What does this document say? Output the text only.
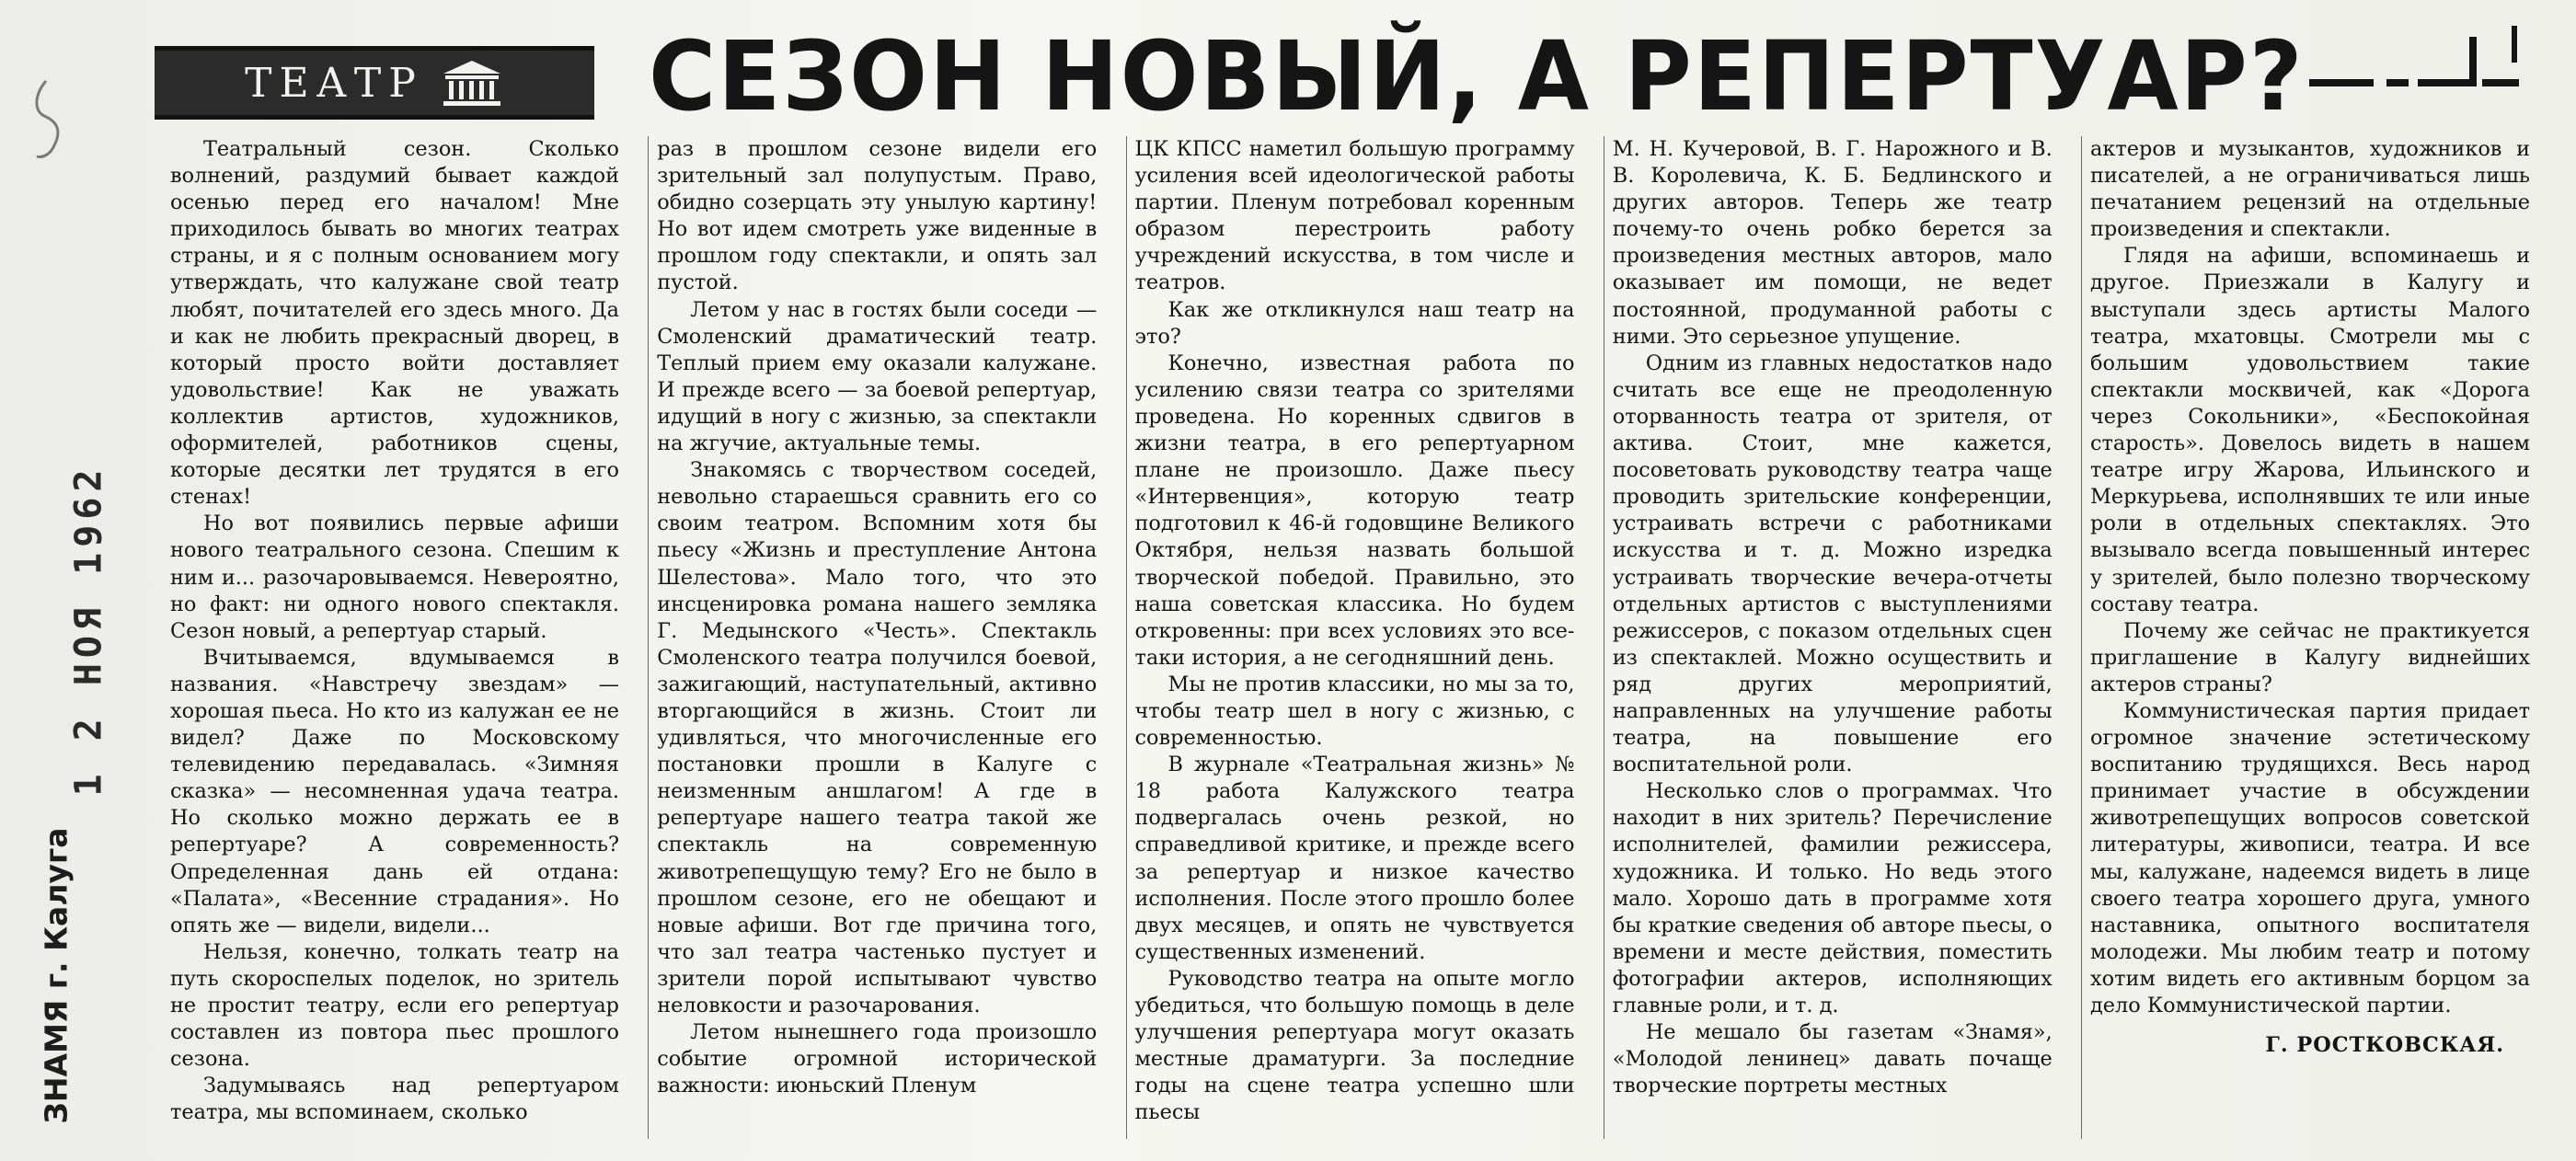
1 2 НОЯ 1962
ЗНАМЯ г. Калуга
ТЕАТР СЕЗОН НОВЫЙ, А РЕПЕРТУАР?

Театральный сезон. Сколько волнений, раздумий бывает каждой осенью перед его началом! Мне приходилось бывать во многих театрах страны, и я с полным основанием могу утверждать, что калужане свой театр любят, почитателей его здесь много. Да и как не любить прекрасный дворец, в который просто войти доставляет удовольствие! Как не уважать коллектив артистов, художников, оформителей, работников сцены, которые десятки лет трудятся в его стенах!

Но вот появились первые афиши нового театрального сезона. Спешим к ним и... разочаровываемся. Невероятно, но факт: ни одного нового спектакля. Сезон новый, а репертуар старый.

Вчитываемся, вдумываемся в названия. «Навстречу звездам» — хорошая пьеса. Но кто из калужан ее не видел? Даже по Московскому телевидению передавалась. «Зимняя сказка» — несомненная удача театра. Но сколько можно держать ее в репертуаре? А современность? Определенная дань ей отдана: «Палата», «Весенние страдания». Но опять же — видели, видели...

Нельзя, конечно, толкать театр на путь скороспелых поделок, но зритель не простит театру, если его репертуар составлен из повтора пьес прошлого сезона.

Задумываясь над репертуаром театра, мы вспоминаем, сколько

раз в прошлом сезоне видели его зрительный зал полупустым. Право, обидно созерцать эту унылую картину! Но вот идем смотреть уже виденные в прошлом году спектакли, и опять зал пустой.

Летом у нас в гостях были соседи — Смоленский драматический театр. Теплый прием ему оказали калужане. И прежде всего — за боевой репертуар, идущий в ногу с жизнью, за спектакли на жгучие, актуальные темы.

Знакомясь с творчеством соседей, невольно стараешься сравнить его со своим театром. Вспомним хотя бы пьесу «Жизнь и преступление Антона Шелестова». Мало того, что это инсценировка романа нашего земляка Г. Медынского «Честь». Спектакль Смоленского театра получился боевой, зажигающий, наступательный, активно вторгающийся в жизнь. Стоит ли удивляться, что многочисленные его постановки прошли в Калуге с неизменным аншлагом! А где в репертуаре нашего театра такой же спектакль на современную животрепещущую тему? Его не было в прошлом сезоне, его не обещают и новые афиши. Вот где причина того, что зал театра частенько пустует и зрители порой испытывают чувство неловкости и разочарования.

Летом нынешнего года произошло событие огромной исторической важности: июньский Пленум

ЦК КПСС наметил большую программу усиления всей идеологической работы партии. Пленум потребовал коренным образом перестроить работу учреждений искусства, в том числе и театров.

Как же откликнулся наш театр на это?

Конечно, известная работа по усилению связи театра со зрителями проведена. Но коренных сдвигов в жизни театра, в его репертуарном плане не произошло. Даже пьесу «Интервенция», которую театр подготовил к 46-й годовщине Великого Октября, нельзя назвать большой творческой победой. Правильно, это наша советская классика. Но будем откровенны: при всех условиях это все-таки история, а не сегодняшний день.

Мы не против классики, но мы за то, чтобы театр шел в ногу с жизнью, с современностью.

В журнале «Театральная жизнь» № 18 работа Калужского театра подвергалась очень резкой, но справедливой критике, и прежде всего за репертуар и низкое качество исполнения. После этого прошло более двух месяцев, и опять не чувствуется существенных изменений.

Руководство театра на опыте могло убедиться, что большую помощь в деле улучшения репертуара могут оказать местные драматурги. За последние годы на сцене театра успешно шли пьесы

М. Н. Кучеровой, В. Г. Нарожного и В. В. Королевича, К. Б. Бедлинского и других авторов. Теперь же театр почему-то очень робко берется за произведения местных авторов, мало оказывает им помощи, не ведет постоянной, продуманной работы с ними. Это серьезное упущение.

Одним из главных недостатков надо считать все еще не преодоленную оторванность театра от зрителя, от актива. Стоит, мне кажется, посоветовать руководству театра чаще проводить зрительские конференции, устраивать встречи с работниками искусства и т. д. Можно изредка устраивать творческие вечера-отчеты отдельных артистов с выступлениями режиссеров, с показом отдельных сцен из спектаклей. Можно осуществить и ряд других мероприятий, направленных на улучшение работы театра, на повышение его воспитательной роли.

Несколько слов о программах. Что находит в них зритель? Перечисление исполнителей, фамилии режиссера, художника. И только. Но ведь этого мало. Хорошо дать в программе хотя бы краткие сведения об авторе пьесы, о времени и месте действия, поместить фотографии актеров, исполняющих главные роли, и т. д.

Не мешало бы газетам «Знамя», «Молодой ленинец» давать почаще творческие портреты местных

актеров и музыкантов, художников и писателей, а не ограничиваться лишь печатанием рецензий на отдельные произведения и спектакли.

Глядя на афиши, вспоминаешь и другое. Приезжали в Калугу и выступали здесь артисты Малого театра, мхатовцы. Смотрели мы с большим удовольствием такие спектакли москвичей, как «Дорога через Сокольники», «Беспокойная старость». Довелось видеть в нашем театре игру Жарова, Ильинского и Меркурьева, исполнявших те или иные роли в отдельных спектаклях. Это вызывало всегда повышенный интерес у зрителей, было полезно творческому составу театра.

Почему же сейчас не практикуется приглашение в Калугу виднейших актеров страны?

Коммунистическая партия придает огромное значение эстетическому воспитанию трудящихся. Весь народ принимает участие в обсуждении животрепещущих вопросов советской литературы, живописи, театра. И все мы, калужане, надеемся видеть в лице своего театра хорошего друга, умного наставника, опытного воспитателя молодежи. Мы любим театр и потому хотим видеть его активным борцом за дело Коммунистической партии.

Г. РОСТКОВСКАЯ.
